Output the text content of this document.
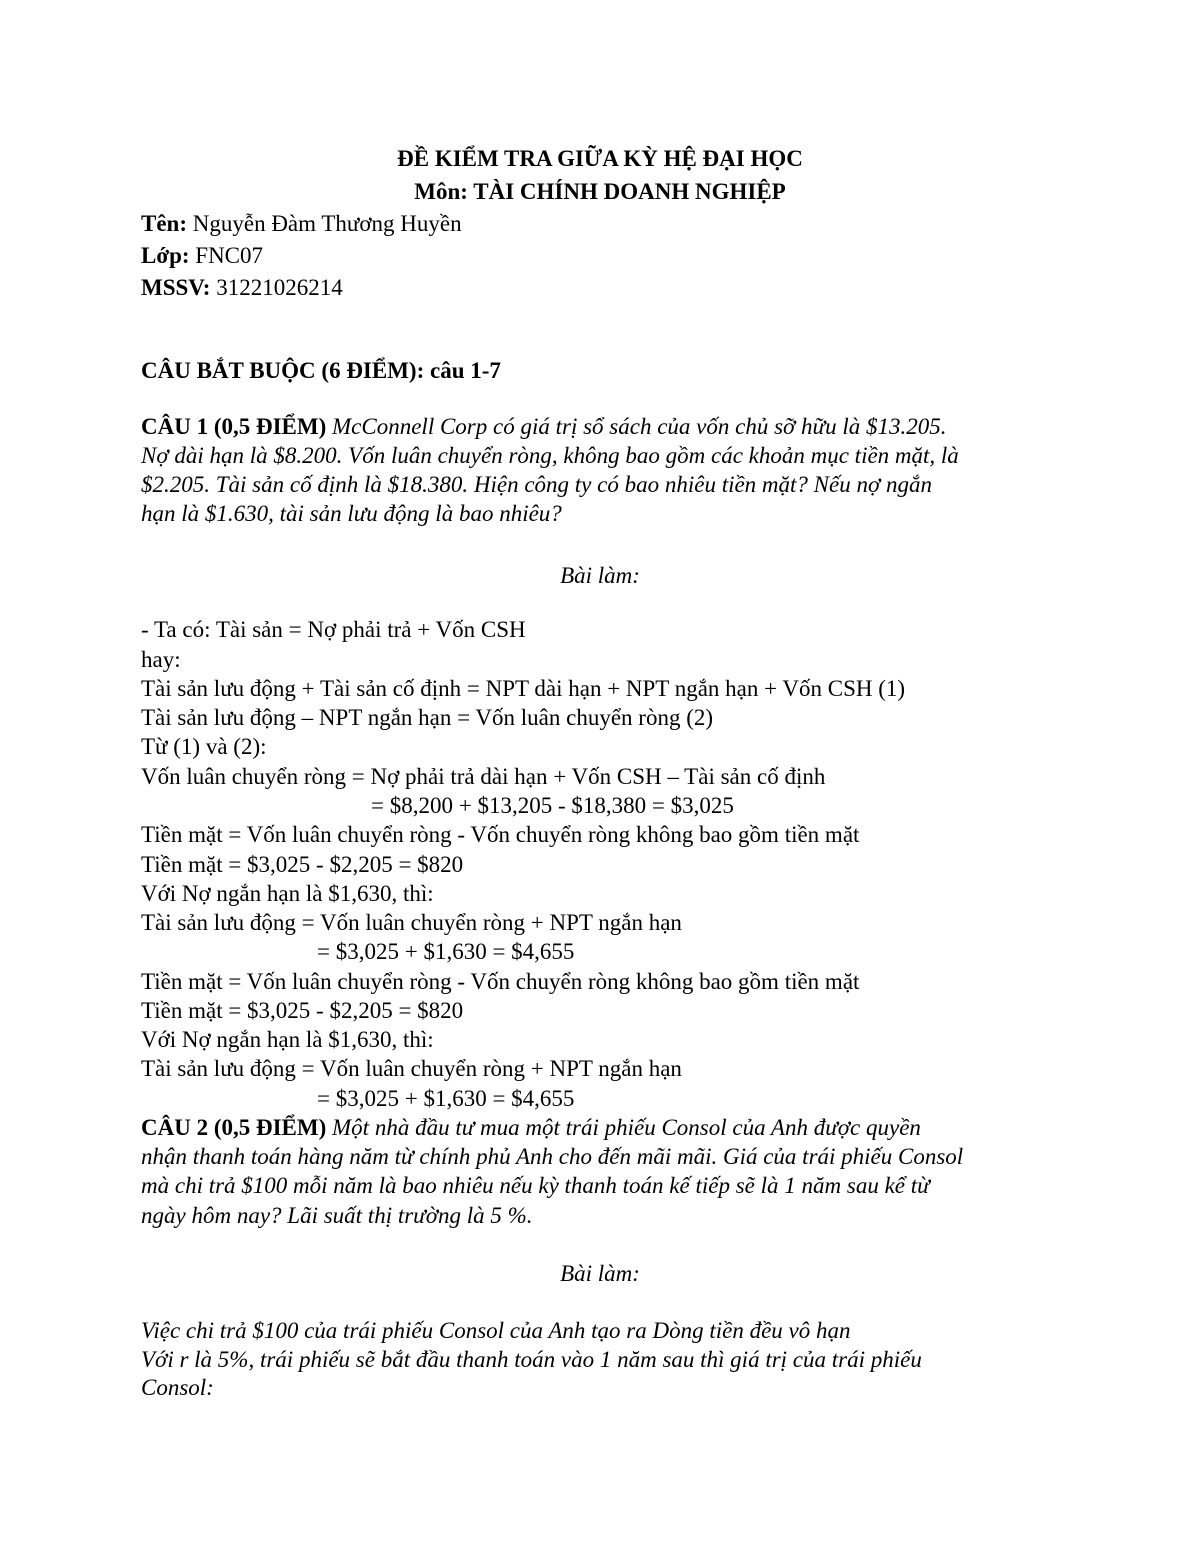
ĐỀ KIỂM TRA GIỮA KỲ HỆ ĐẠI HỌC
Môn: TÀI CHÍNH DOANH NGHIỆP
Tên: Nguyễn Đàm Thương Huyền
Lớp: FNC07
MSSV: 31221026214
CÂU BẮT BUỘC (6 ĐIỂM): câu 1-7
CÂU 1 (0,5 ĐIỂM) McConnell Corp có giá trị sổ sách của vốn chủ sỡ hữu là $13.205.
Nợ dài hạn là $8.200. Vốn luân chuyển ròng, không bao gồm các khoản mục tiền mặt, là
$2.205. Tài sản cố định là $18.380. Hiện công ty có bao nhiêu tiền mặt? Nếu nợ ngắn
hạn là $1.630, tài sản lưu động là bao nhiêu?
Bài làm:
- Ta có: Tài sản = Nợ phải trả + Vốn CSH
hay:
Tài sản lưu động + Tài sản cố định = NPT dài hạn + NPT ngắn hạn + Vốn CSH (1)
Tài sản lưu động – NPT ngắn hạn = Vốn luân chuyển ròng (2)
Từ (1) và (2):
Vốn luân chuyển ròng = Nợ phải trả dài hạn + Vốn CSH – Tài sản cố định
= $8,200 + $13,205 - $18,380 = $3,025
Tiền mặt = Vốn luân chuyển ròng - Vốn chuyển ròng không bao gồm tiền mặt
Tiền mặt = $3,025 - $2,205 = $820
Với Nợ ngắn hạn là $1,630, thì:
Tài sản lưu động = Vốn luân chuyển ròng + NPT ngắn hạn
= $3,025 + $1,630 = $4,655
Tiền mặt = Vốn luân chuyển ròng - Vốn chuyển ròng không bao gồm tiền mặt
Tiền mặt = $3,025 - $2,205 = $820
Với Nợ ngắn hạn là $1,630, thì:
Tài sản lưu động = Vốn luân chuyển ròng + NPT ngắn hạn
= $3,025 + $1,630 = $4,655
CÂU 2 (0,5 ĐIỂM) Một nhà đầu tư mua một trái phiếu Consol của Anh được quyền
nhận thanh toán hàng năm từ chính phủ Anh cho đến mãi mãi. Giá của trái phiếu Consol
mà chi trả $100 mỗi năm là bao nhiêu nếu kỳ thanh toán kế tiếp sẽ là 1 năm sau kể từ
ngày hôm nay? Lãi suất thị trường là 5 %.
Bài làm:
Việc chi trả $100 của trái phiếu Consol của Anh tạo ra Dòng tiền đều vô hạn
Với r là 5%, trái phiếu sẽ bắt đầu thanh toán vào 1 năm sau thì giá trị của trái phiếu
Consol:
